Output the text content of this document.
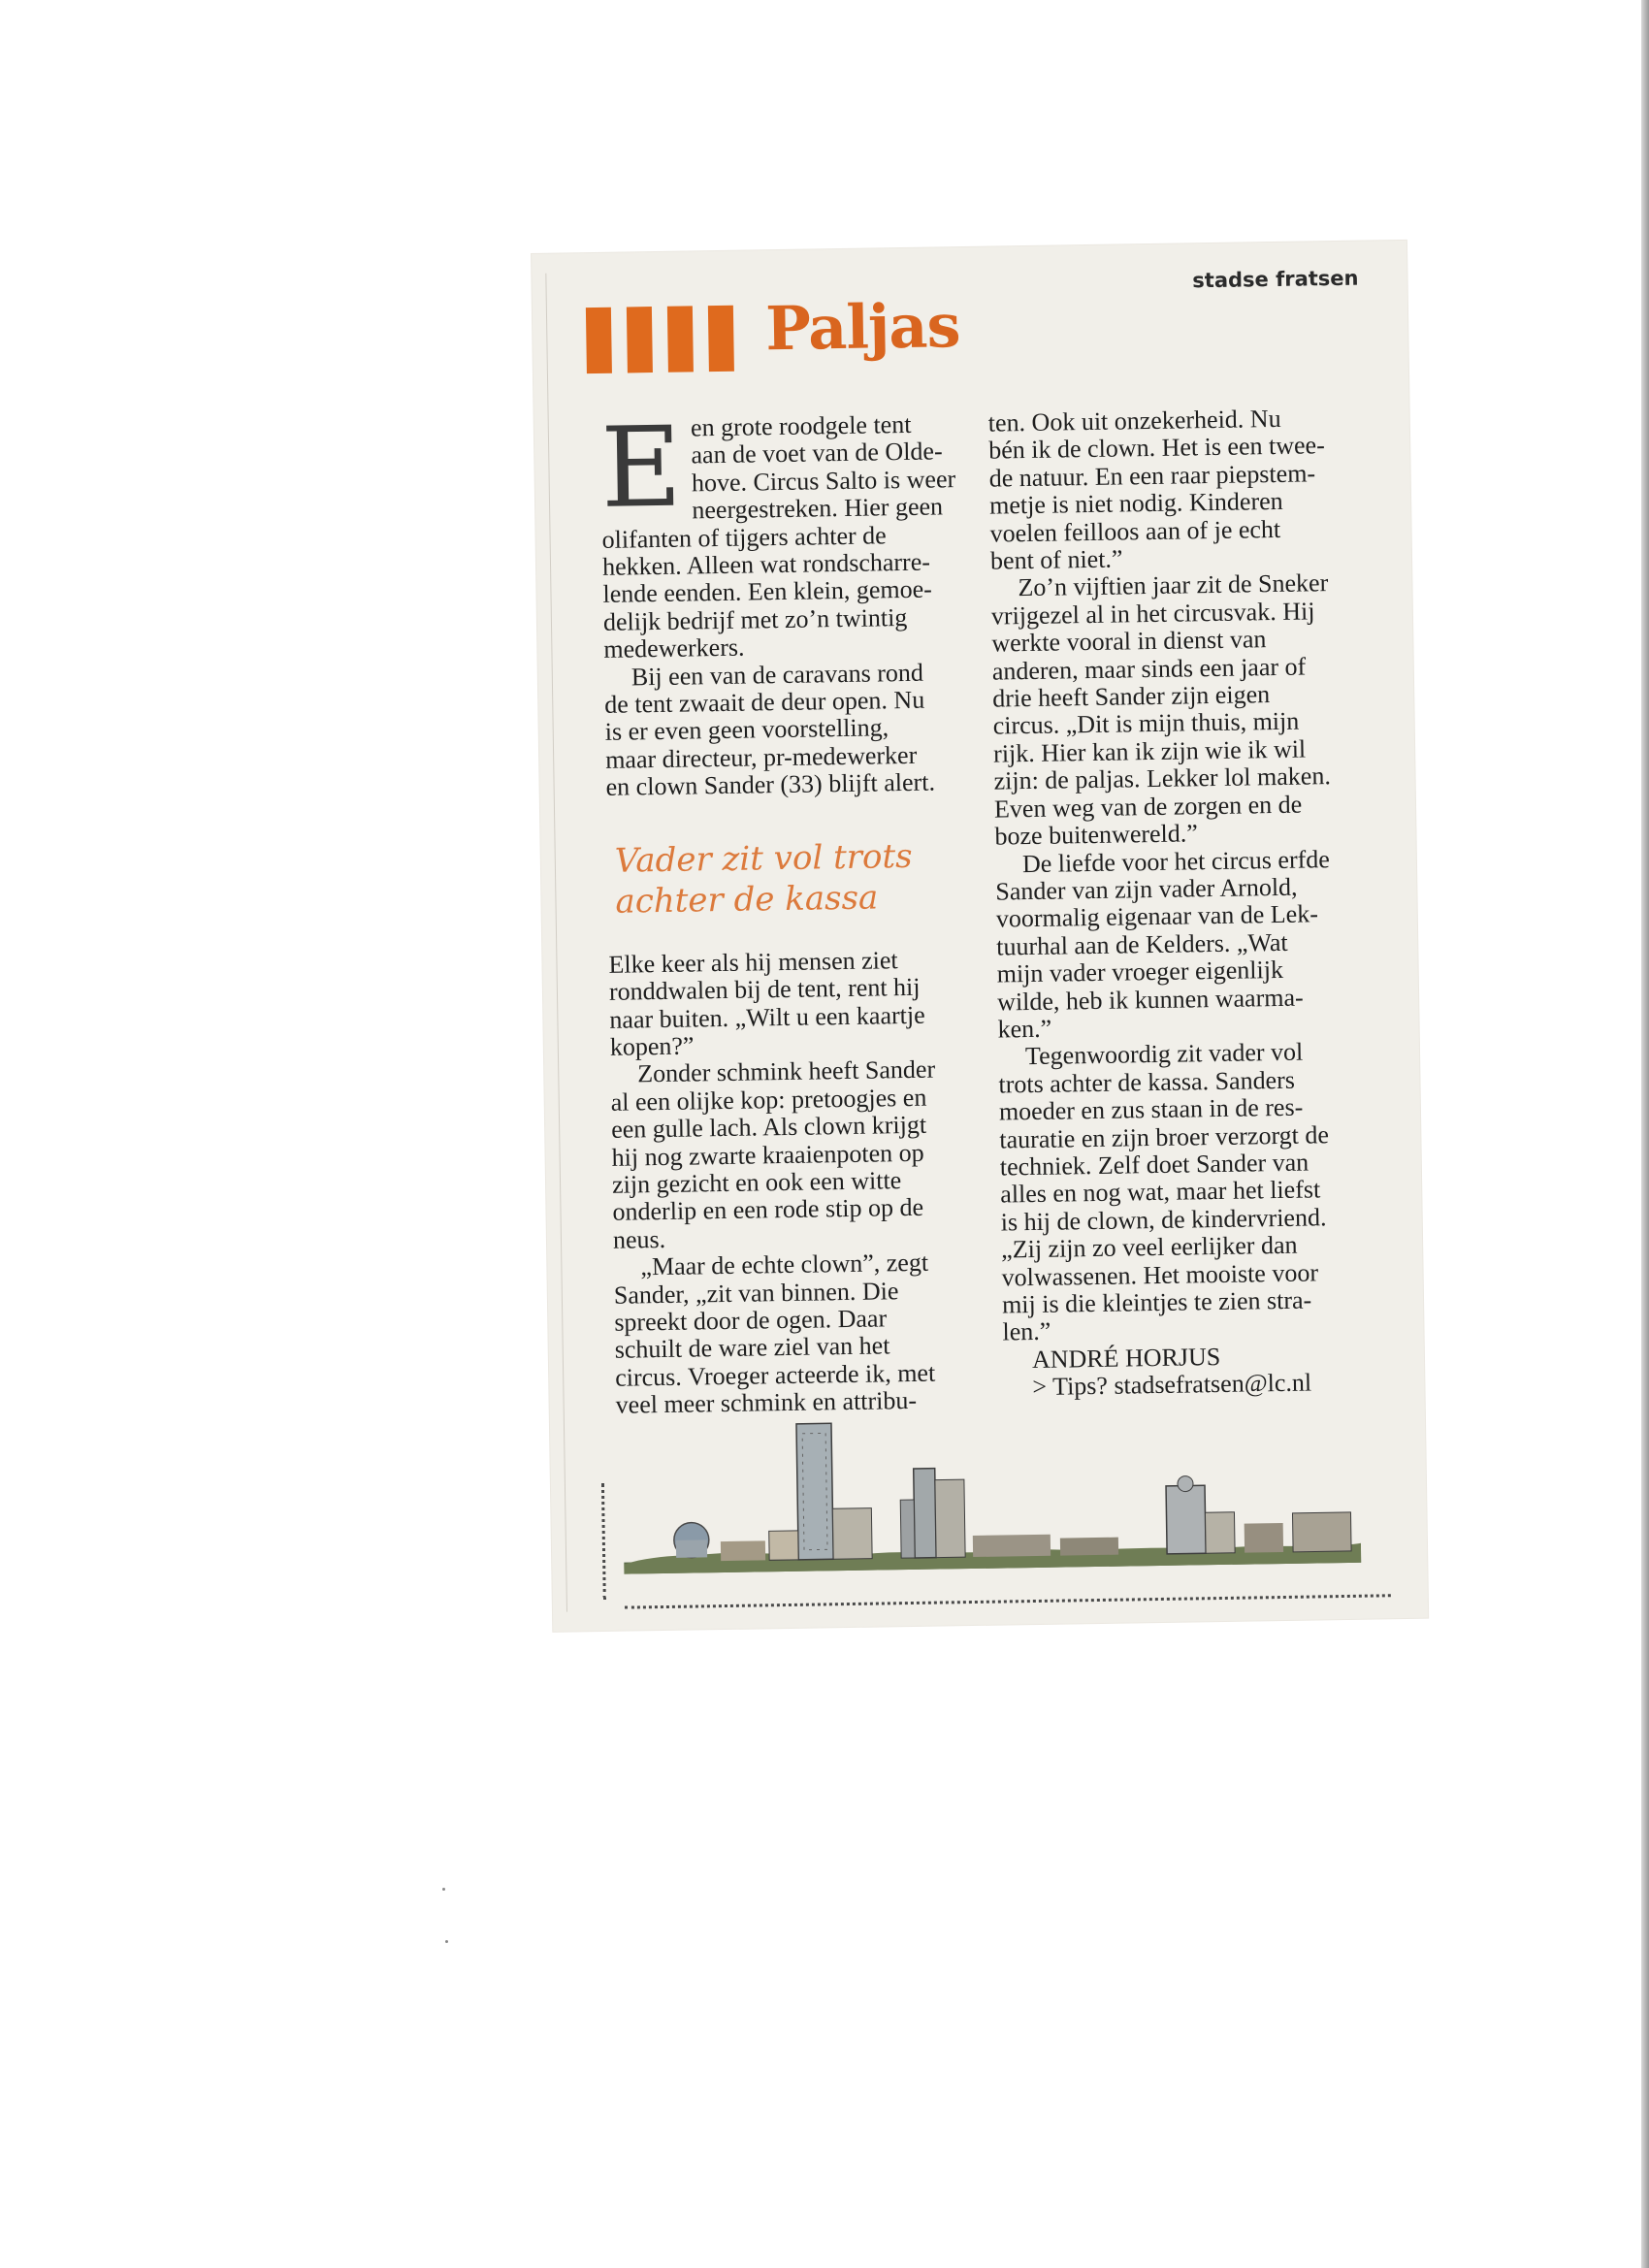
stadse fratsen
Paljas
E en grote roodgele tent
aan de voet van de Olde-
hove. Circus Salto is weer
neergestreken. Hier geen
olifanten of tijgers achter de
hekken. Alleen wat rondscharre-
lende eenden. Een klein, gemoe-
delijk bedrijf met zo’n twintig
medewerkers.

Bij een van de caravans rond
de tent zwaait de deur open. Nu
is er even geen voorstelling,
maar directeur, pr-medewerker
en clown Sander (33) blijft alert.

Vader zit vol trots
achter de kassa

Elke keer als hij mensen ziet
ronddwalen bij de tent, rent hij
naar buiten. „Wilt u een kaartje
kopen?”

Zonder schmink heeft Sander
al een olijke kop: pretoogjes en
een gulle lach. Als clown krijgt
hij nog zwarte kraaienpoten op
zijn gezicht en ook een witte
onderlip en een rode stip op de
neus.

„Maar de echte clown”, zegt
Sander, „zit van binnen. Die
spreekt door de ogen. Daar
schuilt de ware ziel van het
circus. Vroeger acteerde ik, met
veel meer schmink en attribu-

ten. Ook uit onzekerheid. Nu
bén ik de clown. Het is een twee-
de natuur. En een raar piepstem-
metje is niet nodig. Kinderen
voelen feilloos aan of je echt
bent of niet.”

Zo’n vijftien jaar zit de Sneker
vrijgezel al in het circusvak. Hij
werkte vooral in dienst van
anderen, maar sinds een jaar of
drie heeft Sander zijn eigen
circus. „Dit is mijn thuis, mijn
rijk. Hier kan ik zijn wie ik wil
zijn: de paljas. Lekker lol maken.
Even weg van de zorgen en de
boze buitenwereld.”

De liefde voor het circus erfde
Sander van zijn vader Arnold,
voormalig eigenaar van de Lek-
tuurhal aan de Kelders. „Wat
mijn vader vroeger eigenlijk
wilde, heb ik kunnen waarma-
ken.”

Tegenwoordig zit vader vol
trots achter de kassa. Sanders
moeder en zus staan in de res-
tauratie en zijn broer verzorgt de
techniek. Zelf doet Sander van
alles en nog wat, maar het liefst
is hij de clown, de kindervriend.
„Zij zijn zo veel eerlijker dan
volwassenen. Het mooiste voor
mij is die kleintjes te zien stra-
len.”

ANDRÉ HORJUS

> Tips? stadsefratsen@lc.nl
